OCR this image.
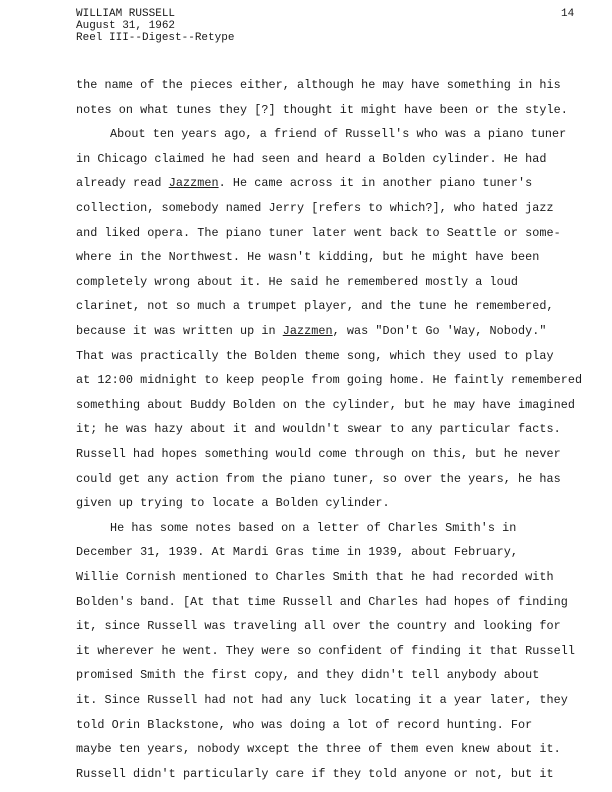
WILLIAM RUSSELL
August 31, 1962
Reel III--Digest--Retype
14
the name of the pieces either, although he may have something in his
notes on what tunes they [?] thought it might have been or the style.
About ten years ago, a friend of Russell's who was a piano tuner
in Chicago claimed he had seen and heard a Bolden cylinder. He had
already read Jazzmen. He came across it in another piano tuner's
collection, somebody named Jerry [refers to which?], who hated jazz
and liked opera. The piano tuner later went back to Seattle or some-
where in the Northwest. He wasn't kidding, but he might have been
completely wrong about it. He said he remembered mostly a loud
clarinet, not so much a trumpet player, and the tune he remembered,
because it was written up in Jazzmen, was "Don't Go 'Way, Nobody."
That was practically the Bolden theme song, which they used to play
at 12:00 midnight to keep people from going home. He faintly remembered
something about Buddy Bolden on the cylinder, but he may have imagined
it; he was hazy about it and wouldn't swear to any particular facts.
Russell had hopes something would come through on this, but he never
could get any action from the piano tuner, so over the years, he has
given up trying to locate a Bolden cylinder.
He has some notes based on a letter of Charles Smith's in
December 31, 1939. At Mardi Gras time in 1939, about February,
Willie Cornish mentioned to Charles Smith that he had recorded with
Bolden's band. [At that time Russell and Charles had hopes of finding
it, since Russell was traveling all over the country and looking for
it wherever he went. They were so confident of finding it that Russell
promised Smith the first copy, and they didn't tell anybody about
it. Since Russell had not had any luck locating it a year later, they
told Orin Blackstone, who was doing a lot of record hunting. For
maybe ten years, nobody wxcept the three of them even knew about it.
Russell didn't particularly care if they told anyone or not, but it
